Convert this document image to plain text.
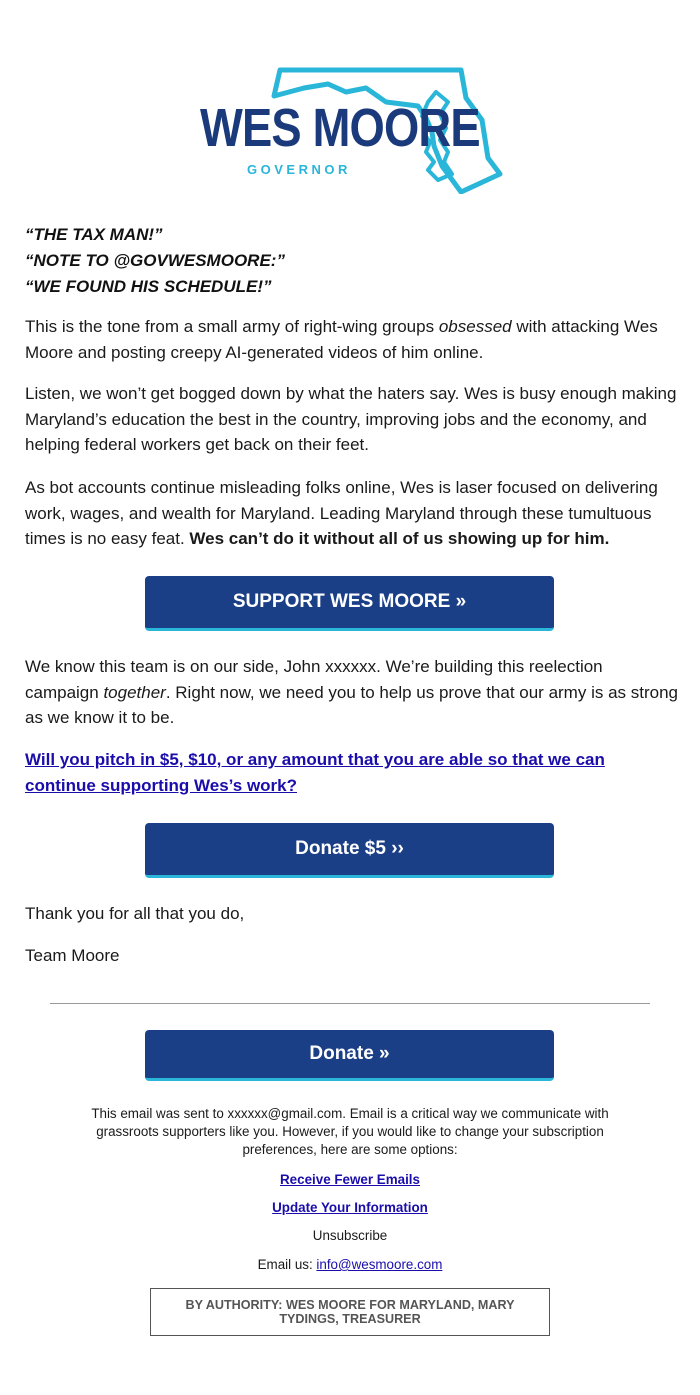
WES MOORE
GOVERNOR
“THE TAX MAN!”
“NOTE TO @GOVWESMOORE:”
“WE FOUND HIS SCHEDULE!”
This is the tone from a small army of right-wing groups obsessed with attacking Wes Moore and posting creepy AI-generated videos of him online.
Listen, we won’t get bogged down by what the haters say. Wes is busy enough making Maryland’s education the best in the country, improving jobs and the economy, and helping federal workers get back on their feet.
As bot accounts continue misleading folks online, Wes is laser focused on delivering work, wages, and wealth for Maryland. Leading Maryland through these tumultuous times is no easy feat. Wes can’t do it without all of us showing up for him.
SUPPORT WES MOORE »
We know this team is on our side, John xxxxxx. We’re building this reelection campaign together. Right now, we need you to help us prove that our army is as strong as we know it to be.
Will you pitch in $5, $10, or any amount that you are able so that we can continue supporting Wes’s work?
Donate $5 ››
Thank you for all that you do,
Team Moore
Donate »
This email was sent to xxxxxx@gmail.com. Email is a critical way we communicate with grassroots supporters like you. However, if you would like to change your subscription preferences, here are some options:
Receive Fewer Emails
Update Your Information
Unsubscribe
Email us: info@wesmoore.com
BY AUTHORITY: WES MOORE FOR MARYLAND, MARY TYDINGS, TREASURER
